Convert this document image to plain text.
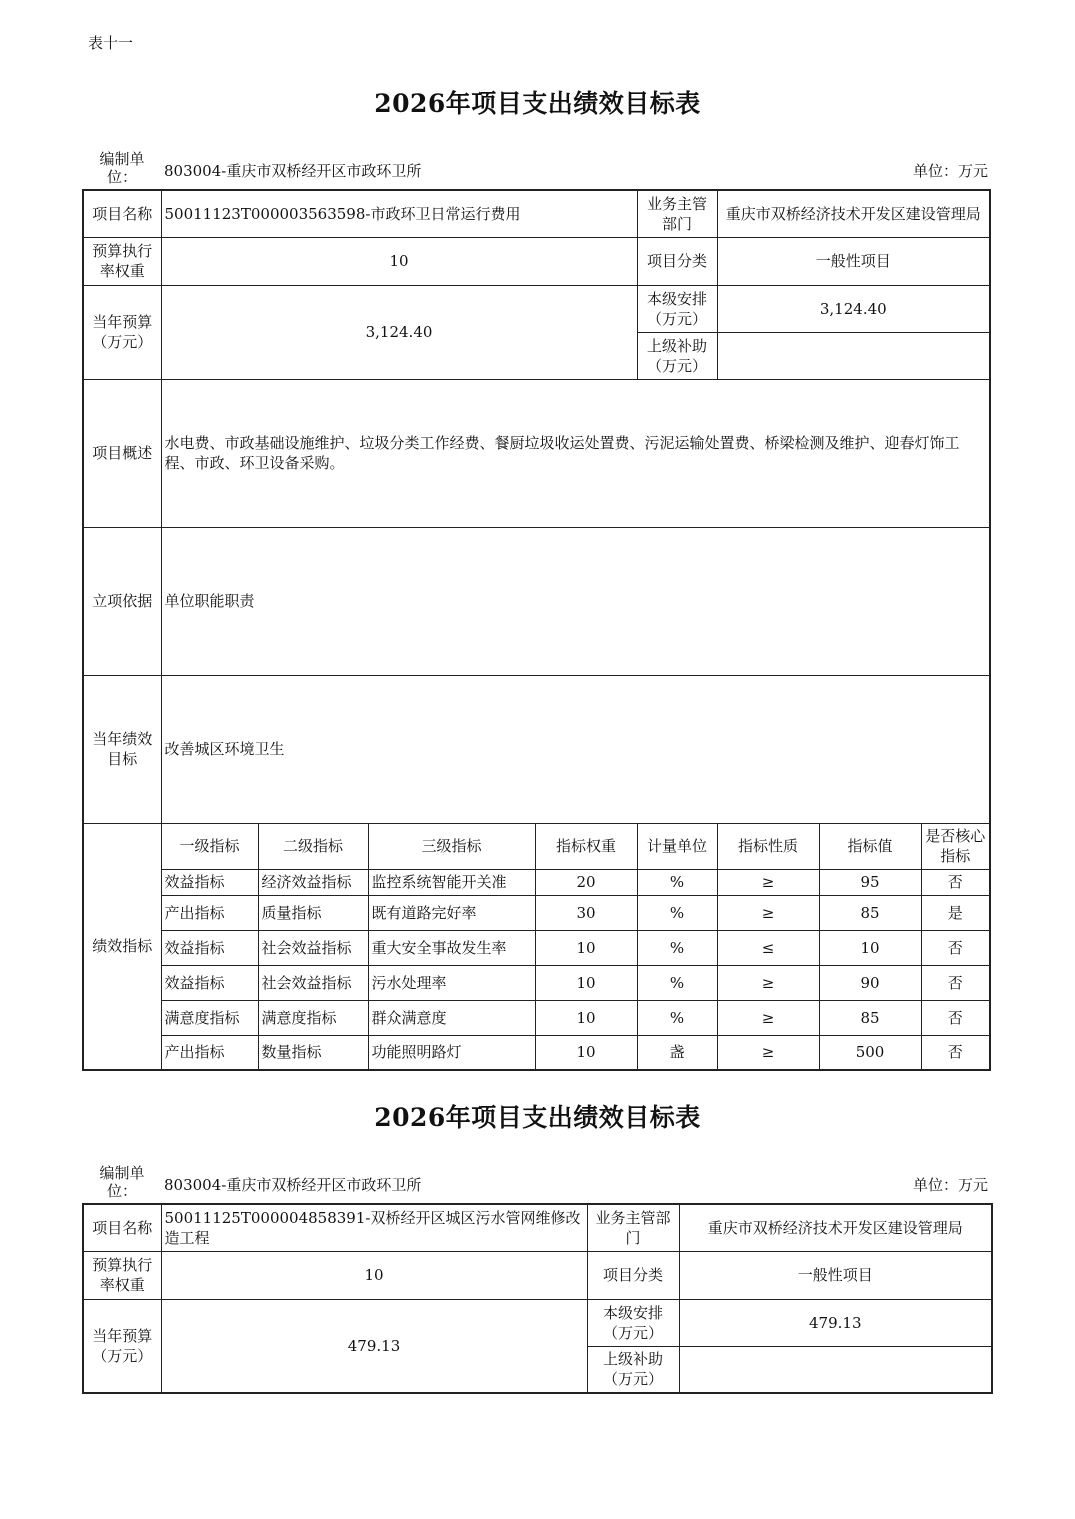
表十一
2026年项目支出绩效目标表
编制单位：	803004-重庆市双桥经开区市政环卫所	单位：万元
项目名称	50011123T000003563598-市政环卫日常运行费用				业务主管部门	重庆市双桥经济技术开发区建设管理局		
预算执行率权重	10				项目分类	一般性项目		
当年预算（万元）	3,124.40				本级安排（万元）	3,124.40		
					上级补助（万元）			
项目概述	水电费、市政基础设施维护、垃圾分类工作经费、餐厨垃圾收运处置费、污泥运输处置费、桥梁检测及维护、迎春灯饰工程、市政、环卫设备采购。							
立项依据	单位职能职责							
当年绩效目标	改善城区环境卫生							
绩效指标	一级指标	二级指标	三级指标	指标权重	计量单位	指标性质	指标值	是否核心指标
	效益指标	经济效益指标	监控系统智能开关准	20	%	≥	95	否
	产出指标	质量指标	既有道路完好率	30	%	≥	85	是
	效益指标	社会效益指标	重大安全事故发生率	10	%	≤	10	否
	效益指标	社会效益指标	污水处理率	10	%	≥	90	否
	满意度指标	满意度指标	群众满意度	10	%	≥	85	否
	产出指标	数量指标	功能照明路灯	10	盏	≥	500	否
2026年项目支出绩效目标表
编制单位：	803004-重庆市双桥经开区市政环卫所	单位：万元
项目名称	50011125T000004858391-双桥经开区城区污水管网维修改造工程	业务主管部门	重庆市双桥经济技术开发区建设管理局
预算执行率权重	10	项目分类	一般性项目
当年预算（万元）	479.13	本级安排（万元）	479.13
		上级补助（万元）	
